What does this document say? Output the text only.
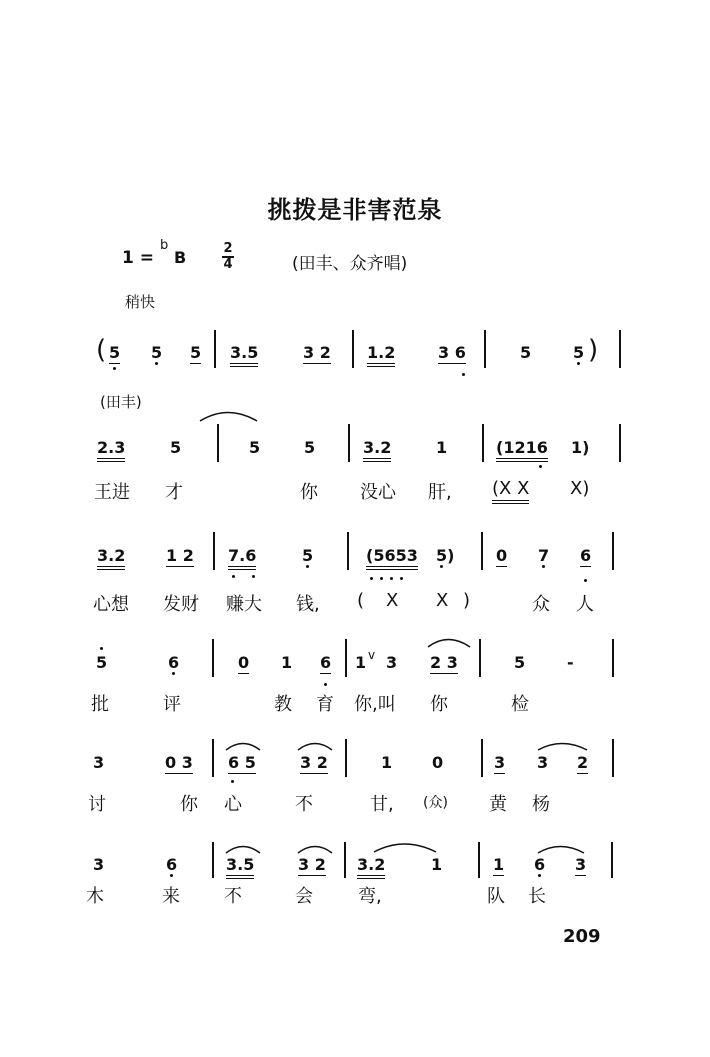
挑拨是非害范泉
1 =
b
B	2
4	(田丰、众齐唱)
稍快
( 5 5 5 3.5	3 2 1.2	3 6	5	5 )
(田丰)
2.3	5	5	5	3.2	1	(1216 1)
王进 才	你 没心 肝, (X X X)
3.2	1 2 7.6	5	(5653 5)	0 7 6
心想 发财 赚大 钱, ( X X )	众 人
5	6	0 1 6 1 v 3 2 3	5	-
批	评	教 育 你,叫 你	检
3	0 3 6 5	3 2	1 0	3 3 2
讨	你 心	不	甘, (众) 黄 杨
3	6	3.5	3 2 3.2	1	1 6 3
木	来 不	会	弯,	队 长
209
